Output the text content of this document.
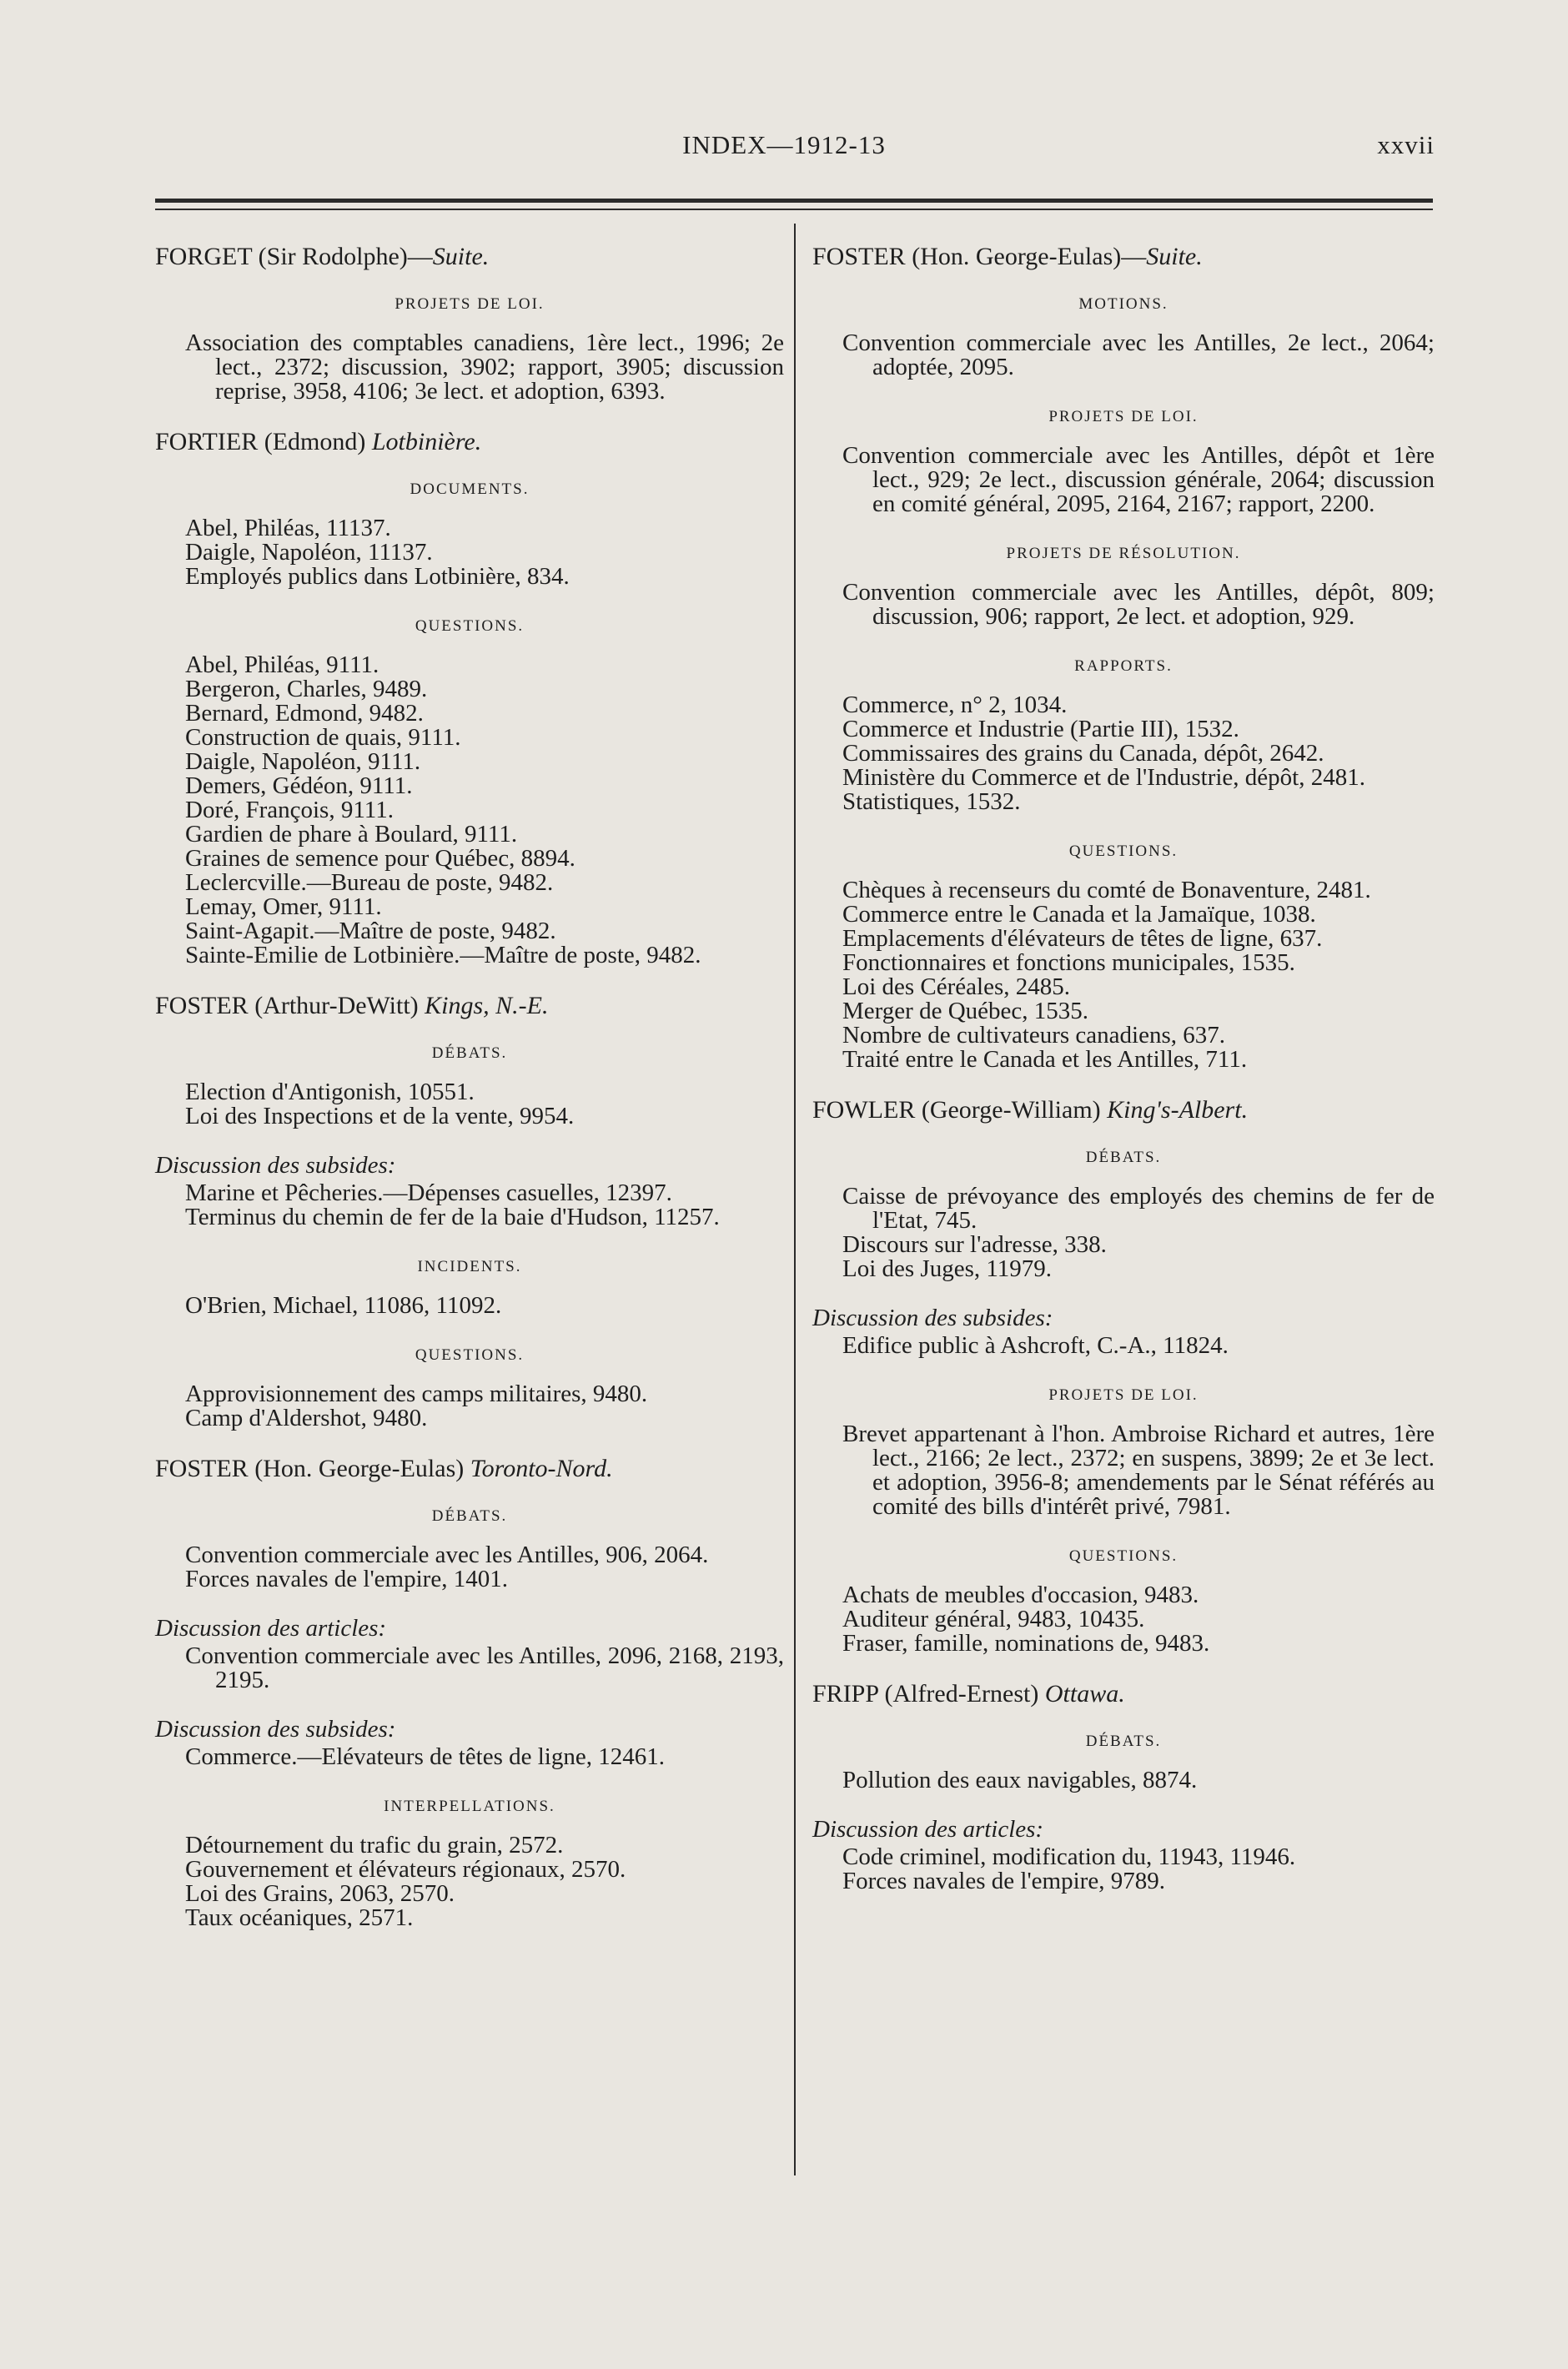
INDEX—1912-13	xxvii
FORGET (Sir Rodolphe)—Suite.
PROJETS DE LOI.
Association des comptables canadiens, 1ère lect., 1996; 2e lect., 2372; discussion, 3902; rapport, 3905; discussion reprise, 3958, 4106; 3e lect. et adoption, 6393.
FORTIER (Edmond) Lotbinière.
DOCUMENTS.
Abel, Philéas, 11137.
Daigle, Napoléon, 11137.
Employés publics dans Lotbinière, 834.
QUESTIONS.
Abel, Philéas, 9111.
Bergeron, Charles, 9489.
Bernard, Edmond, 9482.
Construction de quais, 9111.
Daigle, Napoléon, 9111.
Demers, Gédéon, 9111.
Doré, François, 9111.
Gardien de phare à Boulard, 9111.
Graines de semence pour Québec, 8894.
Leclercville.—Bureau de poste, 9482.
Lemay, Omer, 9111.
Saint-Agapit.—Maître de poste, 9482.
Sainte-Emilie de Lotbinière.—Maître de poste, 9482.
FOSTER (Arthur-DeWitt) Kings, N.-E.
DÉBATS.
Election d'Antigonish, 10551.
Loi des Inspections et de la vente, 9954.
Discussion des subsides:
Marine et Pêcheries.—Dépenses casuelles, 12397.
Terminus du chemin de fer de la baie d'Hudson, 11257.
INCIDENTS.
O'Brien, Michael, 11086, 11092.
QUESTIONS.
Approvisionnement des camps militaires, 9480.
Camp d'Aldershot, 9480.
FOSTER (Hon. George-Eulas) Toronto-Nord.
DÉBATS.
Convention commerciale avec les Antilles, 906, 2064.
Forces navales de l'empire, 1401.
Discussion des articles:
Convention commerciale avec les Antilles, 2096, 2168, 2193, 2195.
Discussion des subsides:
Commerce.—Elévateurs de têtes de ligne, 12461.
INTERPELLATIONS.
Détournement du trafic du grain, 2572.
Gouvernement et élévateurs régionaux, 2570.
Loi des Grains, 2063, 2570.
Taux océaniques, 2571.
FOSTER (Hon. George-Eulas)—Suite.
MOTIONS.
Convention commerciale avec les Antilles, 2e lect., 2064; adoptée, 2095.
PROJETS DE LOI.
Convention commerciale avec les Antilles, dépôt et 1ère lect., 929; 2e lect., discussion générale, 2064; discussion en comité général, 2095, 2164, 2167; rapport, 2200.
PROJETS DE RÉSOLUTION.
Convention commerciale avec les Antilles, dépôt, 809; discussion, 906; rapport, 2e lect. et adoption, 929.
RAPPORTS.
Commerce, n° 2, 1034.
Commerce et Industrie (Partie III), 1532.
Commissaires des grains du Canada, dépôt, 2642.
Ministère du Commerce et de l'Industrie, dépôt, 2481.
Statistiques, 1532.
QUESTIONS.
Chèques à recenseurs du comté de Bonaventure, 2481.
Commerce entre le Canada et la Jamaïque, 1038.
Emplacements d'élévateurs de têtes de ligne, 637.
Fonctionnaires et fonctions municipales, 1535.
Loi des Céréales, 2485.
Merger de Québec, 1535.
Nombre de cultivateurs canadiens, 637.
Traité entre le Canada et les Antilles, 711.
FOWLER (George-William) King's-Albert.
DÉBATS.
Caisse de prévoyance des employés des chemins de fer de l'Etat, 745.
Discours sur l'adresse, 338.
Loi des Juges, 11979.
Discussion des subsides:
Edifice public à Ashcroft, C.-A., 11824.
PROJETS DE LOI.
Brevet appartenant à l'hon. Ambroise Richard et autres, 1ère lect., 2166; 2e lect., 2372; en suspens, 3899; 2e et 3e lect. et adoption, 3956-8; amendements par le Sénat référés au comité des bills d'intérêt privé, 7981.
QUESTIONS.
Achats de meubles d'occasion, 9483.
Auditeur général, 9483, 10435.
Fraser, famille, nominations de, 9483.
FRIPP (Alfred-Ernest) Ottawa.
DÉBATS.
Pollution des eaux navigables, 8874.
Discussion des articles:
Code criminel, modification du, 11943, 11946.
Forces navales de l'empire, 9789.
